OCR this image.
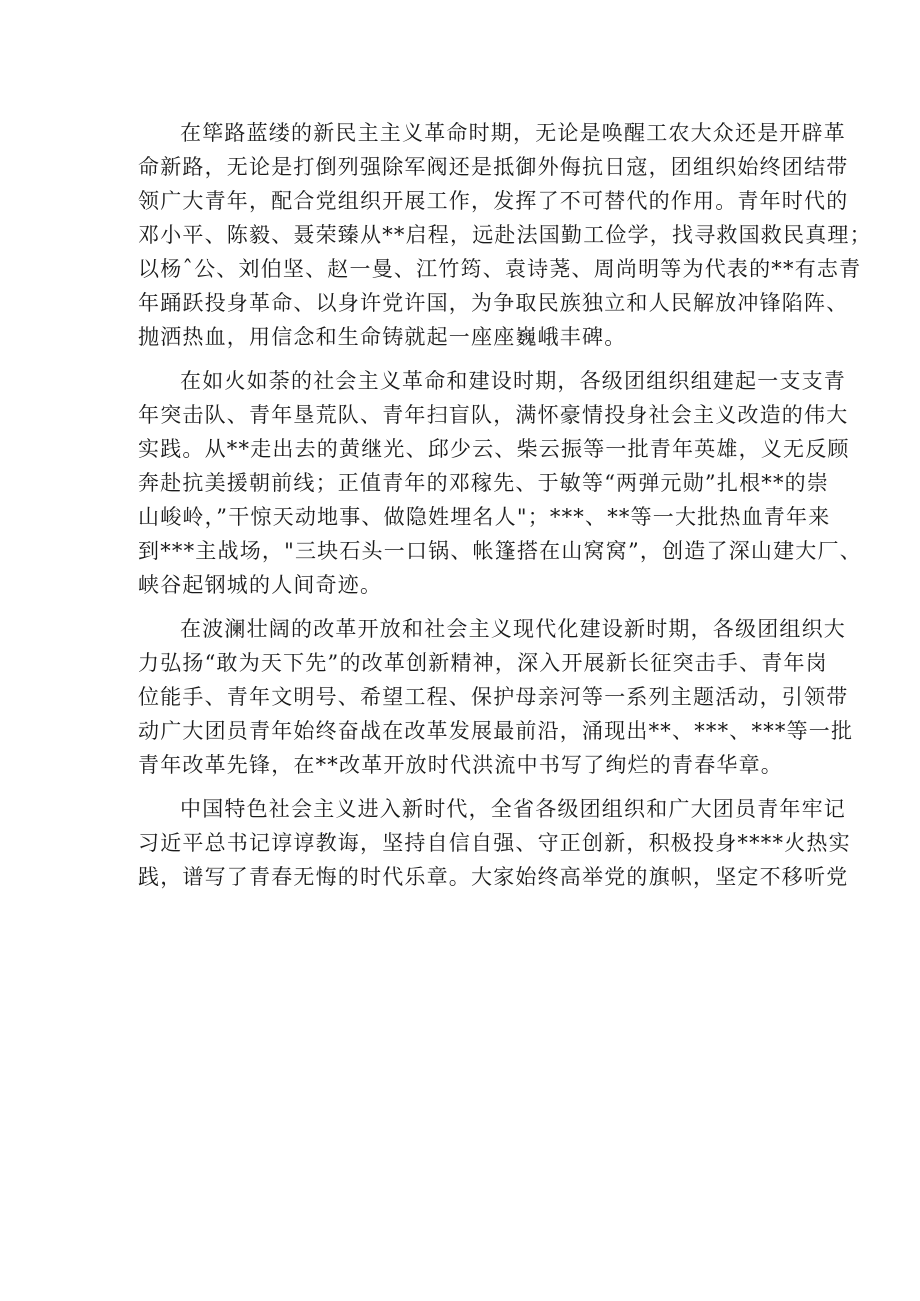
在筚路蓝缕的新民主主义革命时期，无论是唤醒工农大众还是开辟革
命新路，无论是打倒列强除军阀还是抵御外侮抗日寇，团组织始终团结带
领广大青年，配合党组织开展工作，发挥了不可替代的作用。青年时代的
邓小平、陈毅、聂荣臻从**启程，远赴法国勤工俭学，找寻救国救民真理；
以杨ˆ公、刘伯坚、赵一曼、江竹筠、袁诗荛、周尚明等为代表的**有志青
年踊跃投身革命、以身许党许国，为争取民族独立和人民解放冲锋陷阵、
抛洒热血，用信念和生命铸就起一座座巍峨丰碑。
在如火如荼的社会主义革命和建设时期，各级团组织组建起一支支青
年突击队、青年垦荒队、青年扫盲队，满怀豪情投身社会主义改造的伟大
实践。从**走出去的黄继光、邱少云、柴云振等一批青年英雄，义无反顾
奔赴抗美援朝前线；正值青年的邓稼先、于敏等“两弹元勋”扎根**的崇
山峻岭，”干惊天动地事、做隐姓埋名人"；***、**等一大批热血青年来
到***主战场，"三块石头一口锅、帐篷搭在山窝窝”，创造了深山建大厂、
峡谷起钢城的人间奇迹。
在波澜壮阔的改革开放和社会主义现代化建设新时期，各级团组织大
力弘扬“敢为天下先”的改革创新精神，深入开展新长征突击手、青年岗
位能手、青年文明号、希望工程、保护母亲河等一系列主题活动，引领带
动广大团员青年始终奋战在改革发展最前沿，涌现出**、***、***等一批
青年改革先锋，在**改革开放时代洪流中书写了绚烂的青春华章。
中国特色社会主义进入新时代，全省各级团组织和广大团员青年牢记
习近平总书记谆谆教诲，坚持自信自强、守正创新，积极投身****火热实
践，谱写了青春无悔的时代乐章。大家始终高举党的旗帜，坚定不移听党
